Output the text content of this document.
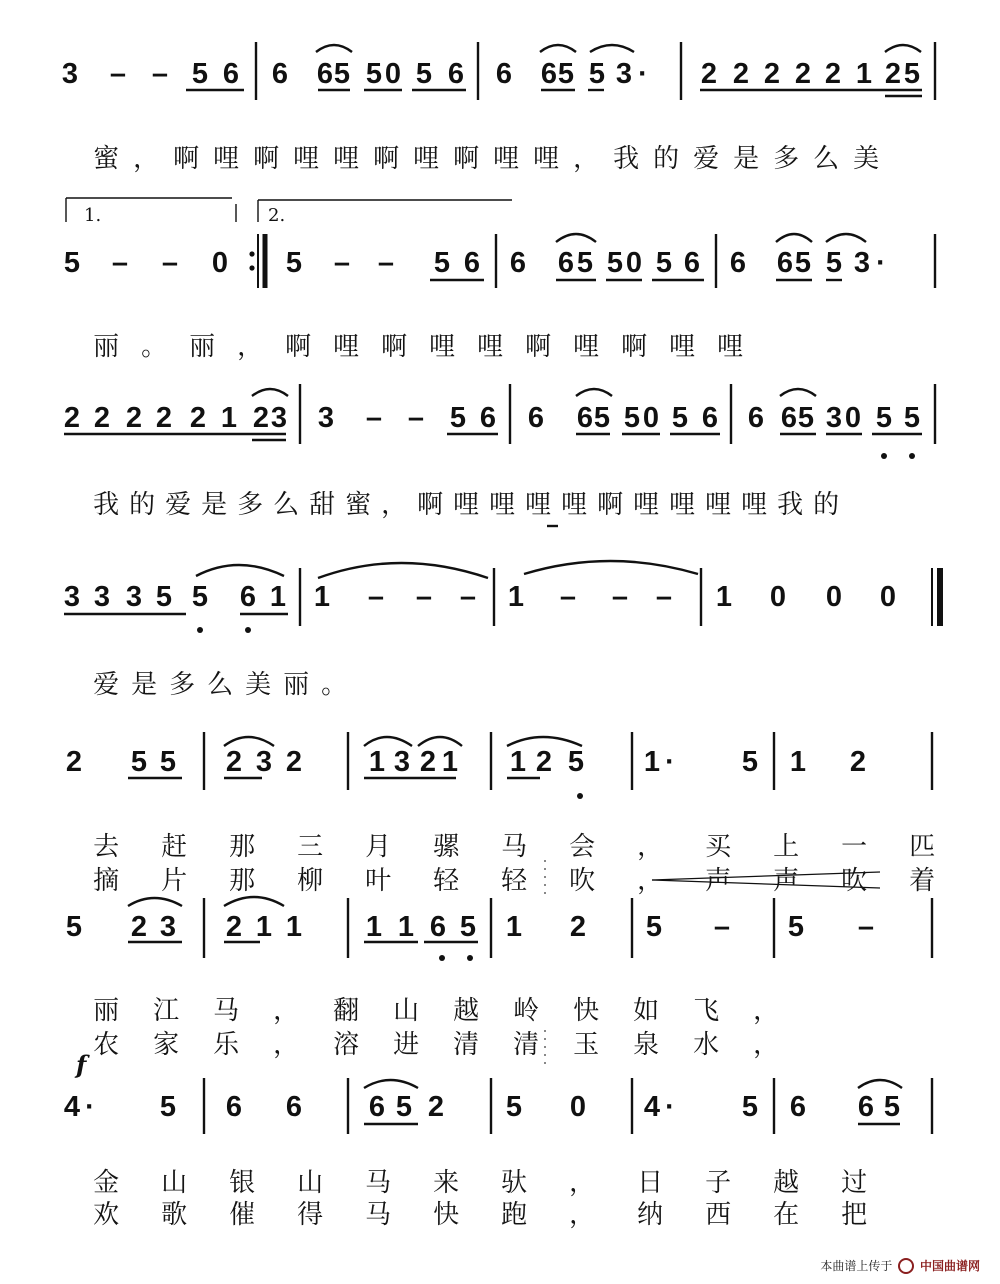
3 – – 5 6 6 6 5 5 0 5 6 6 6 5 5 3 · 2 2 2 2 2 1 2 5
5 – – 0 5 – – 5 6 6 6 5 5 0 5 6 6 6 5 5 3 ·
2 2 2 2 2 1 2 3 3 – – 5 6 6 6 5 5 0 5 6 6 6 5 3 0 5 5
3 3 3 5 5 6 1 1 – – – 1 – – – 1 0 0 0
2 5 5 2 3 2 1 3 2 1 1 2 5 1 · 5 1 2
5 2 3 2 1 1 1 1 6 5 1 2 5 – 5 –
4 · 5 6 6 6 5 2 5 0 4 · 5 6 6 5
1.	2.
f

蜜，啊哩啊哩哩啊哩啊哩哩，我的爱是多么美

丽。丽，啊哩啊哩哩啊哩啊哩哩

我的爱是多么甜蜜，啊哩哩哩哩啊哩哩哩哩我的

爱是多么美丽。

去赶那三月骡马会，买上一匹

摘片那柳叶轻轻吹，声声吹着

丽江马，翻山越岭快如飞，

农家乐，溶进清清玉泉水，

金山银山马来驮，日子越过

欢歌催得马快跑，纳西在把

本曲谱上传于 中国曲谱网
